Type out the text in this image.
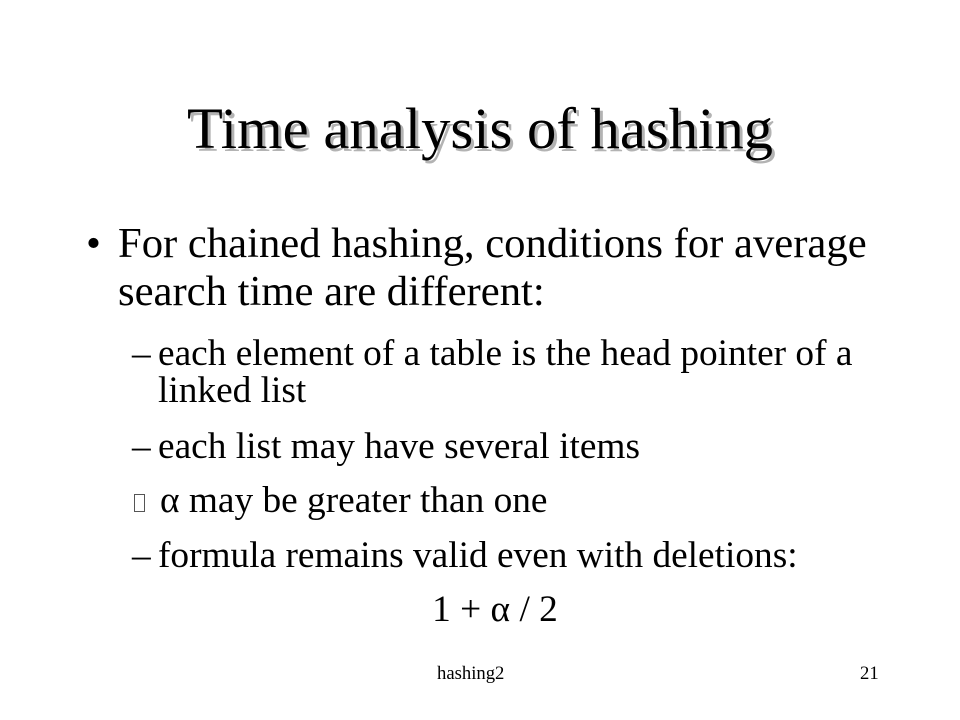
Time analysis of hashing
• For chained hashing, conditions for average
search time are different:
– each element of a table is the head pointer of a
linked list
– each list may have several items
α may be greater than one
– formula remains valid even with deletions:
1 + α / 2
hashing2	21
